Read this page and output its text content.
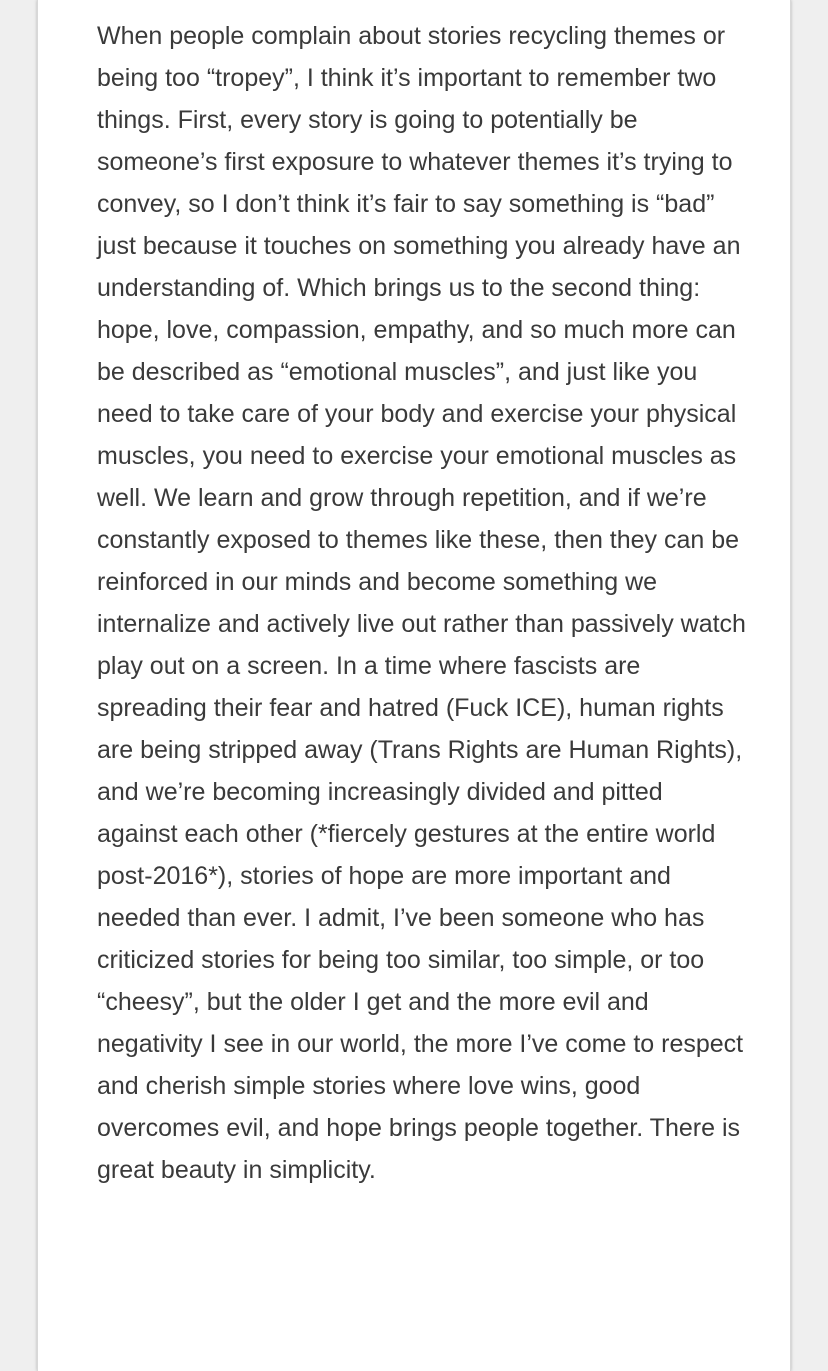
When people complain about stories recycling themes or being too “tropey”, I think it’s important to remember two things. First, every story is going to potentially be someone’s first exposure to whatever themes it’s trying to convey, so I don’t think it’s fair to say something is “bad” just because it touches on something you already have an understanding of. Which brings us to the second thing: hope, love, compassion, empathy, and so much more can be described as “emotional muscles”, and just like you need to take care of your body and exercise your physical muscles, you need to exercise your emotional muscles as well. We learn and grow through repetition, and if we’re constantly exposed to themes like these, then they can be reinforced in our minds and become something we internalize and actively live out rather than passively watch play out on a screen. In a time where fascists are spreading their fear and hatred (Fuck ICE), human rights are being stripped away (Trans Rights are Human Rights), and we’re becoming increasingly divided and pitted against each other (*fiercely gestures at the entire world post-2016*), stories of hope are more important and needed than ever. I admit, I’ve been someone who has criticized stories for being too similar, too simple, or too “cheesy”, but the older I get and the more evil and negativity I see in our world, the more I’ve come to respect and cherish simple stories where love wins, good overcomes evil, and hope brings people together. There is great beauty in simplicity.
